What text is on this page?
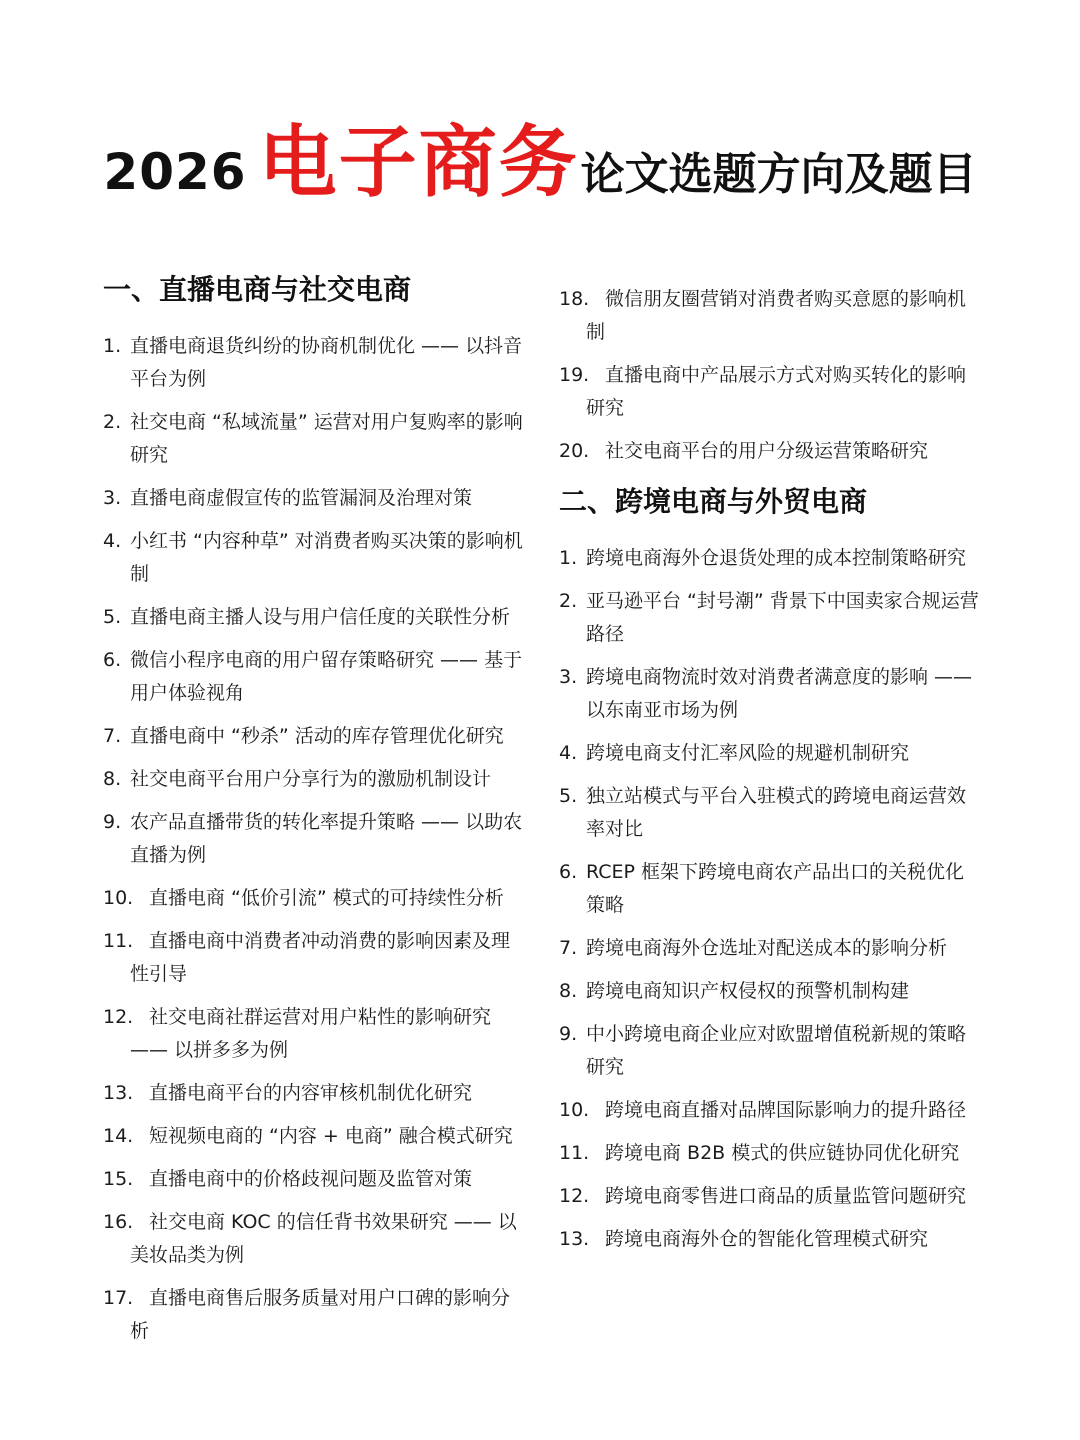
2026 电子商务论文选题方向及题目
一、直播电商与社交电商
1. 直播电商退货纠纷的协商机制优化 —— 以抖音平台为例
2. 社交电商 “私域流量” 运营对用户复购率的影响研究
3. 直播电商虚假宣传的监管漏洞及治理对策
4. 小红书 “内容种草” 对消费者购买决策的影响机制
5. 直播电商主播人设与用户信任度的关联性分析
6. 微信小程序电商的用户留存策略研究 —— 基于用户体验视角
7. 直播电商中 “秒杀” 活动的库存管理优化研究
8. 社交电商平台用户分享行为的激励机制设计
9. 农产品直播带货的转化率提升策略 —— 以助农直播为例
10. 直播电商 “低价引流” 模式的可持续性分析
11. 直播电商中消费者冲动消费的影响因素及理性引导
12. 社交电商社群运营对用户粘性的影响研究 —— 以拼多多为例
13. 直播电商平台的内容审核机制优化研究
14. 短视频电商的 “内容 + 电商” 融合模式研究
15. 直播电商中的价格歧视问题及监管对策
16. 社交电商 KOC 的信任背书效果研究 —— 以美妆品类为例
17. 直播电商售后服务质量对用户口碑的影响分析
18. 微信朋友圈营销对消费者购买意愿的影响机制
19. 直播电商中产品展示方式对购买转化的影响研究
20. 社交电商平台的用户分级运营策略研究
二、跨境电商与外贸电商
1. 跨境电商海外仓退货处理的成本控制策略研究
2. 亚马逊平台 “封号潮” 背景下中国卖家合规运营路径
3. 跨境电商物流时效对消费者满意度的影响 —— 以东南亚市场为例
4. 跨境电商支付汇率风险的规避机制研究
5. 独立站模式与平台入驻模式的跨境电商运营效率对比
6. RCEP 框架下跨境电商农产品出口的关税优化策略
7. 跨境电商海外仓选址对配送成本的影响分析
8. 跨境电商知识产权侵权的预警机制构建
9. 中小跨境电商企业应对欧盟增值税新规的策略研究
10. 跨境电商直播对品牌国际影响力的提升路径
11. 跨境电商 B2B 模式的供应链协同优化研究
12. 跨境电商零售进口商品的质量监管问题研究
13. 跨境电商海外仓的智能化管理模式研究
